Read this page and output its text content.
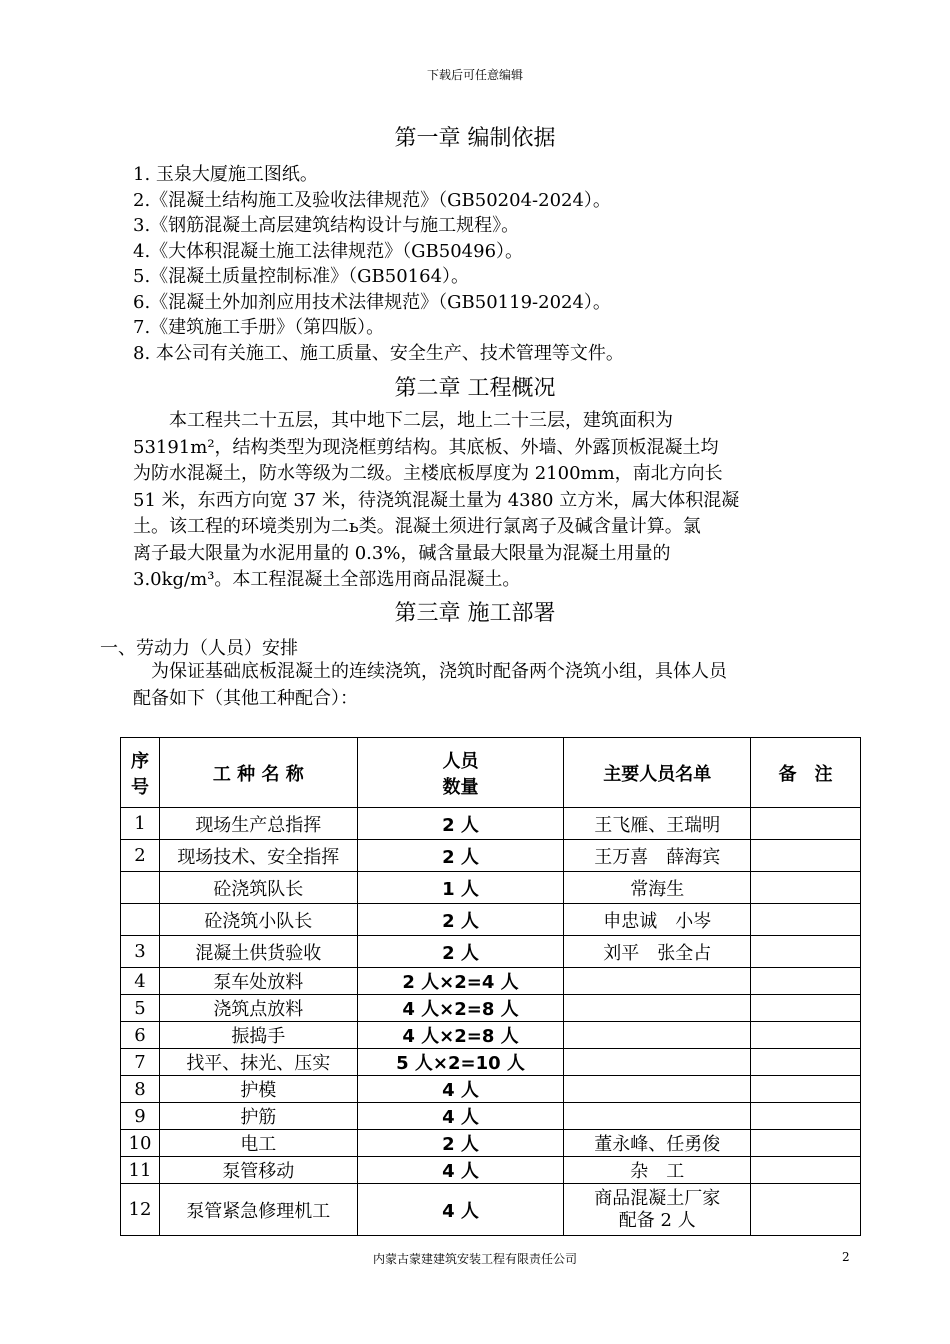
下载后可任意编辑
第一章 编制依据
1. 玉泉大厦施工图纸。
2.《混凝土结构施工及验收法律规范》（GB50204-2024）。
3.《钢筋混凝土高层建筑结构设计与施工规程》。
4.《大体积混凝土施工法律规范》（GB50496）。
5.《混凝土质量控制标准》（GB50164）。
6.《混凝土外加剂应用技术法律规范》（GB50119-2024）。
7.《建筑施工手册》（第四版）。
8. 本公司有关施工、施工质量、安全生产、技术管理等文件。
第二章 工程概况

　　本工程共二十五层，其中地下二层，地上二十三层，建筑面积为

53191m²，结构类型为现浇框剪结构。其底板、外墙、外露顶板混凝土均

为防水混凝土，防水等级为二级。主楼底板厚度为 2100mm，南北方向长

51 米，东西方向宽 37 米，待浇筑混凝土量为 4380 立方米，属大体积混凝

土。该工程的环境类别为二ь类。混凝土须进行氯离子及碱含量计算。氯

离子最大限量为水泥用量的 0.3%，碱含量最大限量为混凝土用量的

3.0kg/m³。本工程混凝土全部选用商品混凝土。

第三章 施工部署
一、劳动力（人员）安排

　为保证基础底板混凝土的连续浇筑，浇筑时配备两个浇筑小组，具体人员

配备如下（其他工种配合）：

序
号	工 种 名 称	人员
数量	主要人员名单	备　注
1	现场生产总指挥	2 人	王飞雁、王瑞明	
2	现场技术、安全指挥	2 人	王万喜　薛海宾	
	砼浇筑队长	1 人	常海生	
	砼浇筑小队长	2 人	申忠诚　小岑	
3	混凝土供货验收	2 人	刘平　张全占	
4	泵车处放料	2 人×2=4 人		
5	浇筑点放料	4 人×2=8 人		
6	振捣手	4 人×2=8 人		
7	找平、抹光、压实	5 人×2=10 人		
8	护模	4 人		
9	护筋	4 人		
10	电工	2 人	董永峰、任勇俊	
11	泵管移动	4 人	杂　工	
12	泵管紧急修理机工	4 人	商品混凝土厂家
配备 2 人	
内蒙古蒙建建筑安装工程有限责任公司	2
